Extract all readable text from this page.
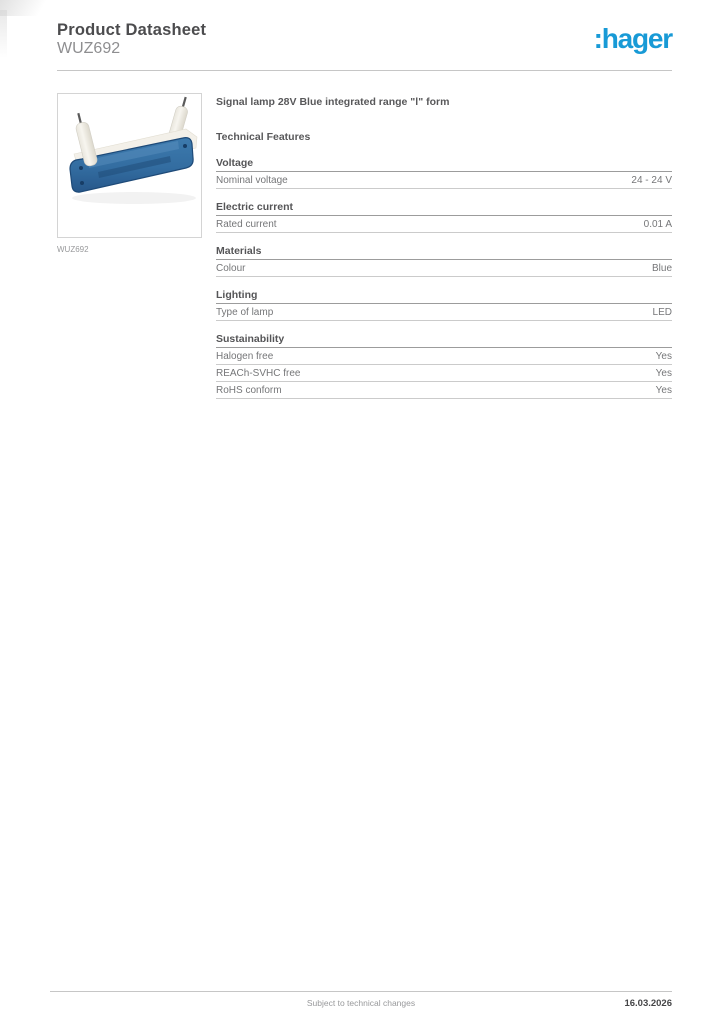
Product Datasheet
WUZ692	:hager
WUZ692
Signal lamp 28V Blue integrated range "l" form
Technical Features
Voltage
Nominal voltage	24 - 24 V
Electric current
Rated current	0.01 A
Materials
Colour	Blue
Lighting
Type of lamp	LED
Sustainability
Halogen free	Yes
REACh-SVHC free	Yes
RoHS conform	Yes
Subject to technical changes	16.03.2026
